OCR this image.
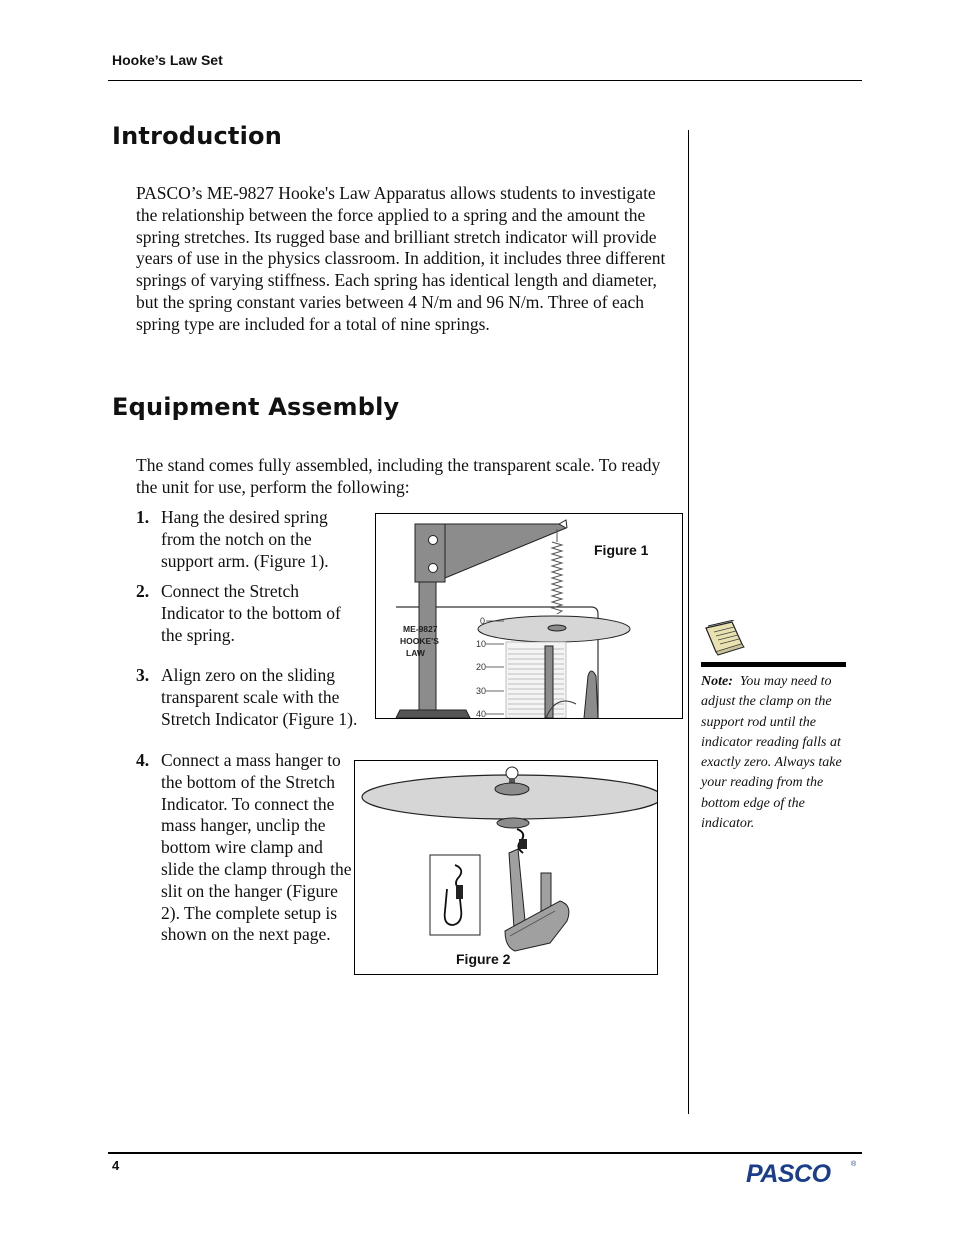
Hooke’s Law Set
Introduction
PASCO’s ME-9827 Hooke's Law Apparatus allows students to investigate the relationship between the force applied to a spring and the amount the spring stretches. Its rugged base and brilliant stretch indicator will provide years of use in the physics classroom. In addition, it includes three different springs of varying stiffness. Each spring has identical length and diameter, but the spring constant varies between 4 N/m and 96 N/m. Three of each spring type are included for a total of nine springs.
Equipment Assembly
The stand comes fully assembled, including the transparent scale. To ready the unit for use, perform the following:
1. Hang the desired spring from the notch on the support arm. (Figure 1).
2. Connect the Stretch Indicator to the bottom of the spring.
3. Align zero on the sliding transparent scale with the Stretch Indicator (Figure 1).
4. Connect a mass hanger to the bottom of the Stretch Indicator. To connect the mass hanger, unclip the bottom wire clamp and slide the clamp through the slit on the hanger (Figure 2). The complete setup is shown on the next page.
0
10
20
30
40
ME-9827
HOOKE'S
LAW
Figure 1
Figure 2
Note: You may need to adjust the clamp on the support rod until the indicator reading falls at exactly zero. Always take your reading from the bottom edge of the indicator.
4	PASCO	®
